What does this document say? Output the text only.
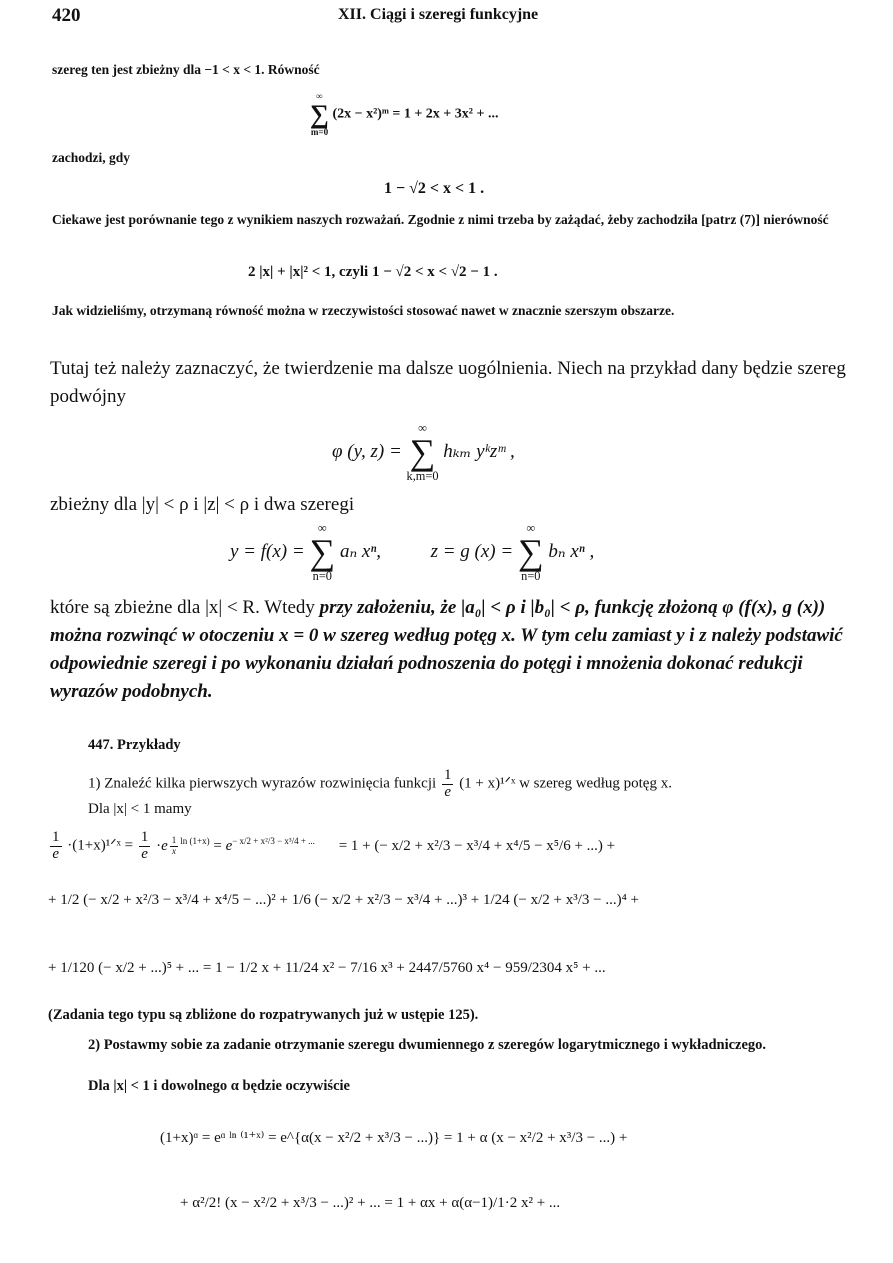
420	XII. Ciągi i szeregi funkcyjne
szereg ten jest zbieżny dla −1 < x < 1. Równość
∞
∑
m=0
(2x − x²)ᵐ = 1 + 2x + 3x² + ...
zachodzi, gdy
1 − √2 < x < 1 .
Ciekawe jest porównanie tego z wynikiem naszych rozważań. Zgodnie z nimi trzeba by zażądać, żeby zachodziła [patrz (7)] nierówność
2 |x| + |x|² < 1, czyli 1 − √2 < x < √2 − 1 .
Jak widzieliśmy, otrzymaną równość można w rzeczywistości stosować nawet w znacznie szerszym obszarze.
Tutaj też należy zaznaczyć, że twierdzenie ma dalsze uogólnienia. Niech na przykład dany będzie szereg podwójny
φ (y, z) =
∞
∑
k,m=0
hₖₘ yᵏzᵐ ,
zbieżny dla |y| < ρ i |z| < ρ i dwa szeregi
y = f(x) =
∞
∑
n=0
aₙ xⁿ,	z = g (x) =
∞
∑
n=0
bₙ xⁿ ,
które są zbieżne dla |x| < R. Wtedy przy założeniu, że |a₀| < ρ i |b₀| < ρ, funkcję złożoną φ (f(x), g (x)) można rozwinąć w otoczeniu x = 0 w szereg według potęg x. W tym celu zamiast y i z należy podstawić odpowiednie szeregi i po wykonaniu działań podnoszenia do potęgi i mnożenia dokonać redukcji wyrazów podobnych.
447. Przykłady
1) Znaleźć kilka pierwszych wyrazów rozwinięcia funkcji $\frac{1}{e} (1$ + x)¹ᐟˣ w szereg według potęg x.
Dla |x| < 1 mamy
$\frac{1}{e}$ ·(1+x)¹ᐟˣ = $\frac{1}{e} \cdot e \frac{1}{x} ^{ln (1+x)} = e^{- x/2 + x^2/3 - x^3/4 + ...} = 1$ + (− x/2 + x²/3 − x³/4 + x⁴/5 − x⁵/6 + ...) +
+ 1/2 (− x/2 + x²/3 − x³/4 + x⁴/5 − ...)² + 1/6 (− x/2 + x²/3 − x³/4 + ...)³ + 1/24 (− x/2 + x³/3 − ...)⁴ +
+ 1/120 (− x/2 + ...)⁵ + ... = 1 − 1/2 x + 11/24 x² − 7/16 x³ + 2447/5760 x⁴ − 959/2304 x⁵ + ...
(Zadania tego typu są zbliżone do rozpatrywanych już w ustępie 125).
2) Postawmy sobie za zadanie otrzymanie szeregu dwumiennego z szeregów logarytmicznego i wykładniczego.
Dla |x| < 1 i dowolnego α będzie oczywiście
(1+x)ᵅ = eᵅ ˡⁿ ⁽¹⁺ˣ⁾ = e^{α(x − x²/2 + x³/3 − ...)} = 1 + α (x − x²/2 + x³/3 − ...) +
+ α²/2! (x − x²/2 + x³/3 − ...)² + ... = 1 + αx + α(α−1)/1·2 x² + ...
